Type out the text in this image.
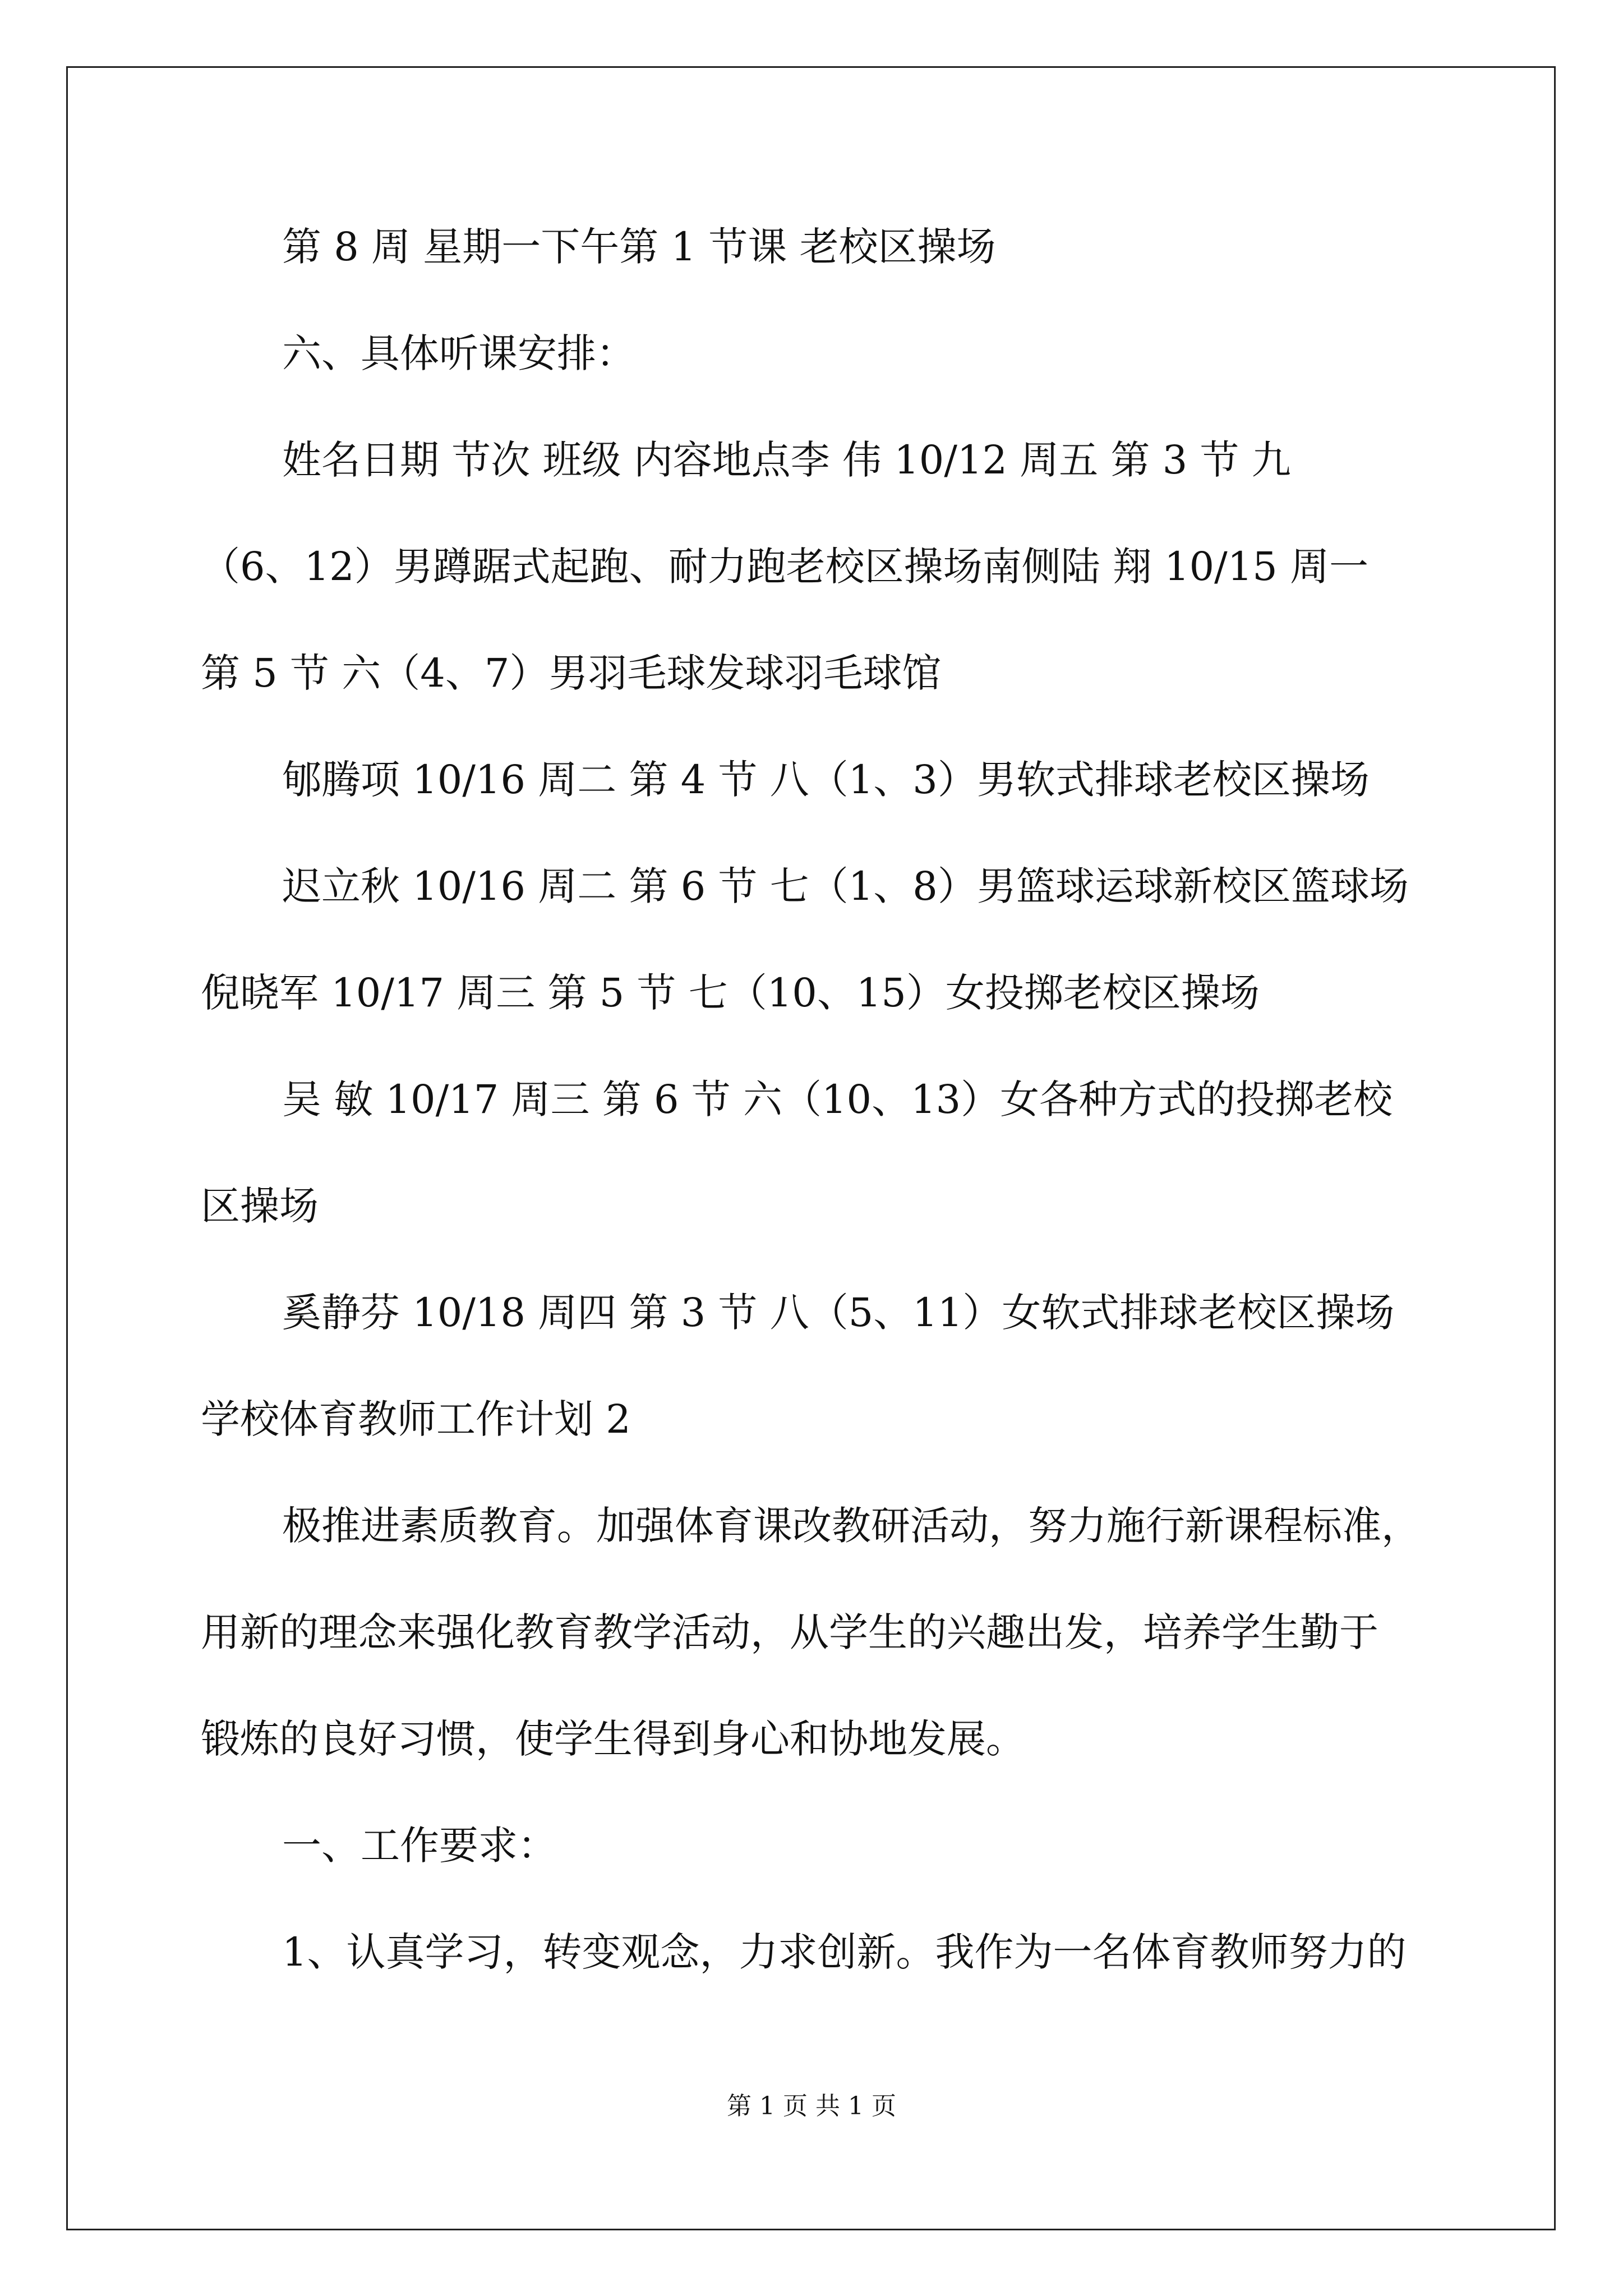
第 8 周 星期一下午第 1 节课 老校区操场
六、具体听课安排：
姓名日期 节次 班级 内容地点李 伟 10/12 周五 第 3 节 九
（6、12）男蹲踞式起跑、耐力跑老校区操场南侧陆 翔 10/15 周一
第 5 节 六（4、7）男羽毛球发球羽毛球馆
郇腾项 10/16 周二 第 4 节 八（1、3）男软式排球老校区操场
迟立秋 10/16 周二 第 6 节 七（1、8）男篮球运球新校区篮球场
倪晓军 10/17 周三 第 5 节 七（10、15）女投掷老校区操场
吴 敏 10/17 周三 第 6 节 六（10、13）女各种方式的投掷老校
区操场
奚静芬 10/18 周四 第 3 节 八（5、11）女软式排球老校区操场
学校体育教师工作计划 2
极推进素质教育。加强体育课改教研活动，努力施行新课程标准，
用新的理念来强化教育教学活动，从学生的兴趣出发，培养学生勤于
锻炼的良好习惯，使学生得到身心和协地发展。
一、工作要求：
1、认真学习，转变观念，力求创新。我作为一名体育教师努力的
第 1 页 共 1 页
